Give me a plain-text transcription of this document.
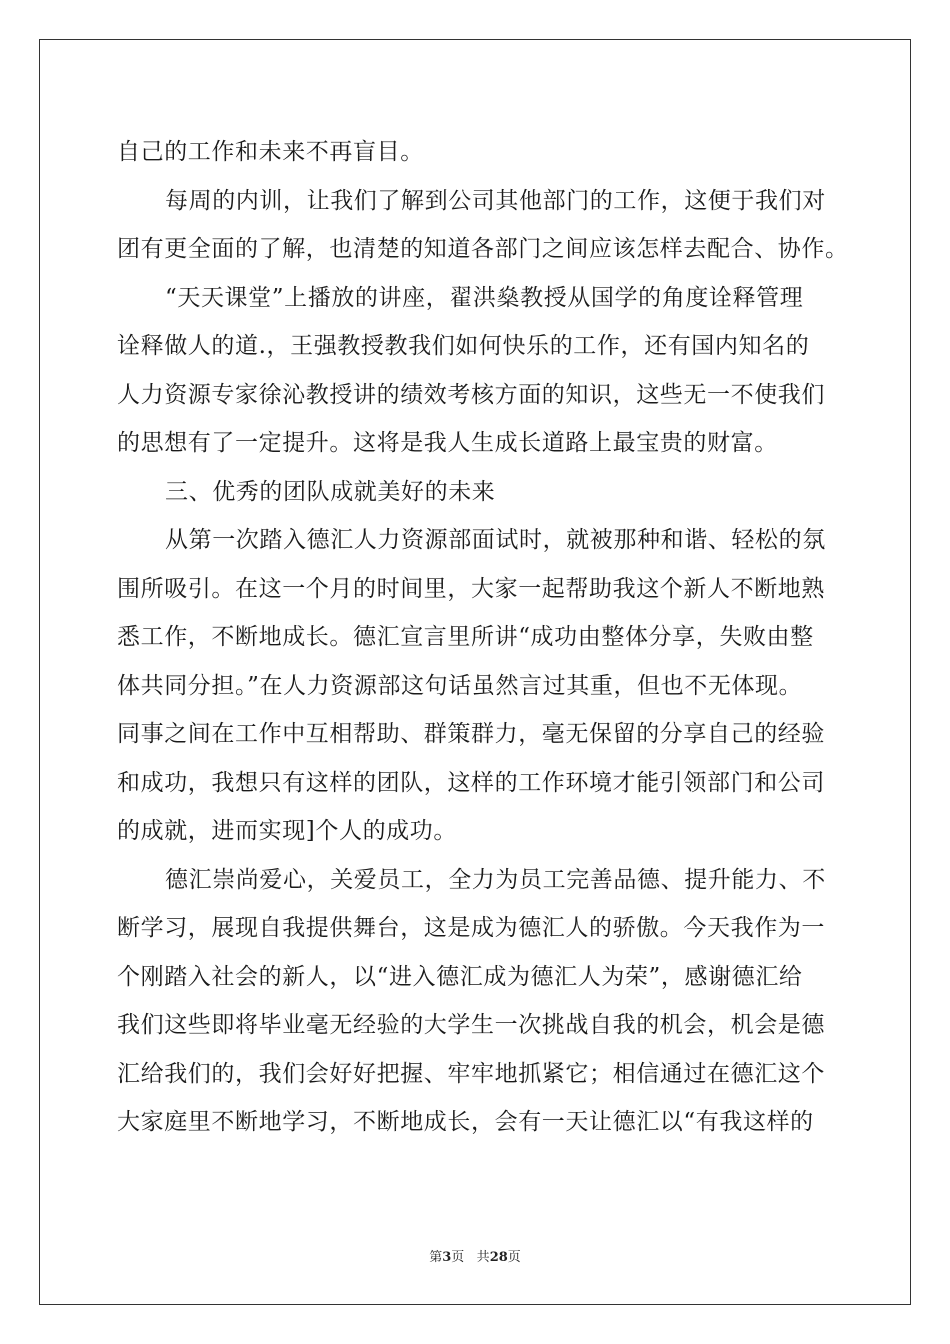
自己的工作和未来不再盲目。
每周的内训，让我们了解到公司其他部门的工作，这便于我们对
团有更全面的了解，也清楚的知道各部门之间应该怎样去配合、协作。
“天天课堂”上播放的讲座，翟洪燊教授从国学的角度诠释管理
诠释做人的道.，王强教授教我们如何快乐的工作，还有国内知名的
人力资源专家徐沁教授讲的绩效考核方面的知识，这些无一不使我们
的思想有了一定提升。这将是我人生成长道路上最宝贵的财富。
三、优秀的团队成就美好的未来
从第一次踏入德汇人力资源部面试时，就被那种和谐、轻松的氛
围所吸引。在这一个月的时间里，大家一起帮助我这个新人不断地熟
悉工作，不断地成长。德汇宣言里所讲“成功由整体分享，失败由整
体共同分担。”在人力资源部这句话虽然言过其重，但也不无体现。
同事之间在工作中互相帮助、群策群力，毫无保留的分享自己的经验
和成功，我想只有这样的团队，这样的工作环境才能引领部门和公司
的成就，进而实现]个人的成功。
德汇崇尚爱心，关爱员工，全力为员工完善品德、提升能力、不
断学习，展现自我提供舞台，这是成为德汇人的骄傲。今天我作为一
个刚踏入社会的新人，以“进入德汇成为德汇人为荣”，感谢德汇给
我们这些即将毕业毫无经验的大学生一次挑战自我的机会，机会是德
汇给我们的，我们会好好把握、牢牢地抓紧它；相信通过在德汇这个
大家庭里不断地学习，不断地成长，会有一天让德汇以“有我这样的
第3页 共28页
